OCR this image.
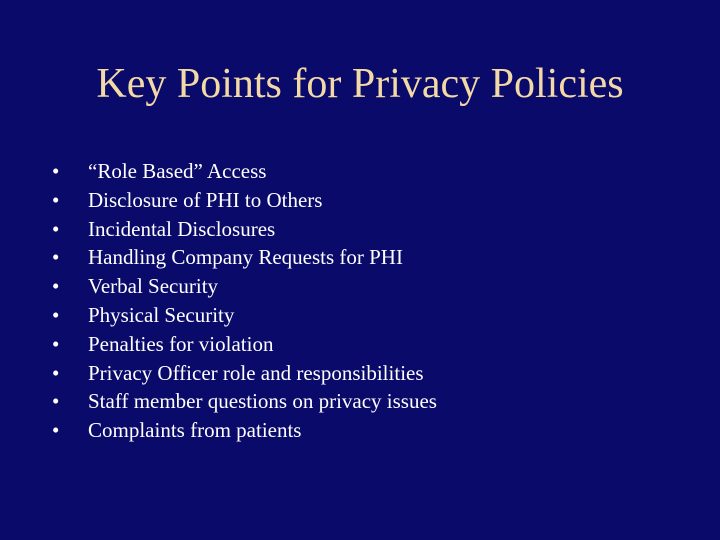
Key Points for Privacy Policies
•	“Role Based” Access
•	Disclosure of PHI to Others
•	Incidental Disclosures
•	Handling Company Requests for PHI
•	Verbal Security
•	Physical Security
•	Penalties for violation
•	Privacy Officer role and responsibilities
•	Staff member questions on privacy issues
•	Complaints from patients
